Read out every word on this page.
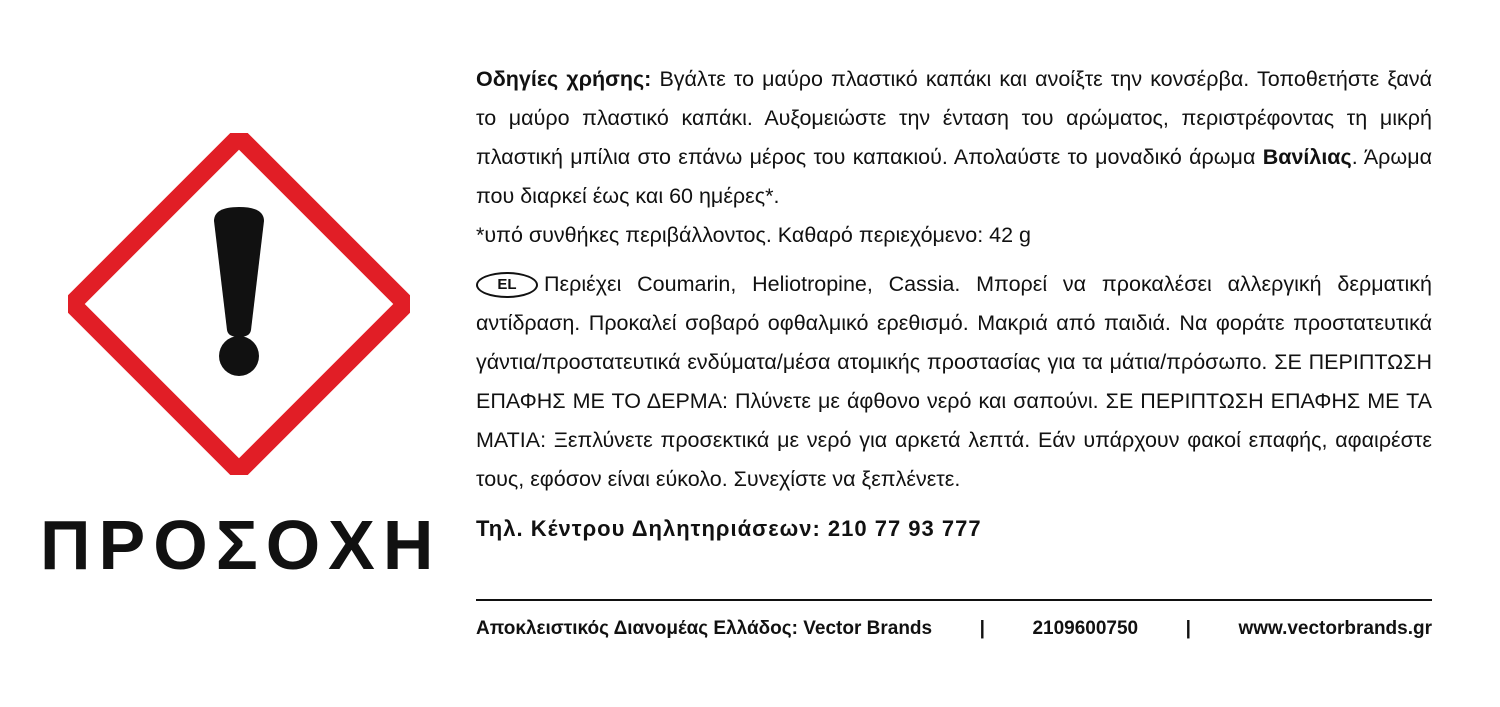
ΠΡΟΣΟΧΗ

Οδηγίες χρήσης: Βγάλτε το μαύρο πλαστικό καπάκι και ανοίξτε την κονσέρβα. Τοποθετήστε ξανά το μαύρο πλαστικό καπάκι. Αυξομειώστε την ένταση του αρώματος, περιστρέφοντας τη μικρή πλαστική μπίλια στο επάνω μέρος του καπακιού. Απολαύστε το μοναδικό άρωμα Βανίλιας. Άρωμα που διαρκεί έως και 60 ημέρες*.

*υπό συνθήκες περιβάλλοντος. Καθαρό περιεχόμενο: 42 g

EL Περιέχει Coumarin, Heliotropine, Cassia. Μπορεί να προκαλέσει αλλεργική δερματική αντίδραση. Προκαλεί σοβαρό οφθαλμικό ερεθισμό. Μακριά από παιδιά. Να φοράτε προστατευτικά γάντια/προστατευτικά ενδύματα/μέσα ατομικής προστασίας για τα μάτια/πρόσωπο. ΣΕ ΠΕΡΙΠΤΩΣΗ ΕΠΑΦΗΣ ΜΕ ΤΟ ΔΕΡΜΑ: Πλύνετε με άφθονο νερό και σαπούνι. ΣΕ ΠΕΡΙΠΤΩΣΗ ΕΠΑΦΗΣ ΜΕ ΤΑ ΜΑΤΙΑ: Ξεπλύνετε προσεκτικά με νερό για αρκετά λεπτά. Εάν υπάρχουν φακοί επαφής, αφαιρέστε τους, εφόσον είναι εύκολο. Συνεχίστε να ξεπλένετε.

Τηλ. Κέντρου Δηλητηριάσεων: 210 77 93 777
Αποκλειστικός Διανομέας Ελλάδος: Vector Brands	|	2109600750	|	www.vectorbrands.gr
